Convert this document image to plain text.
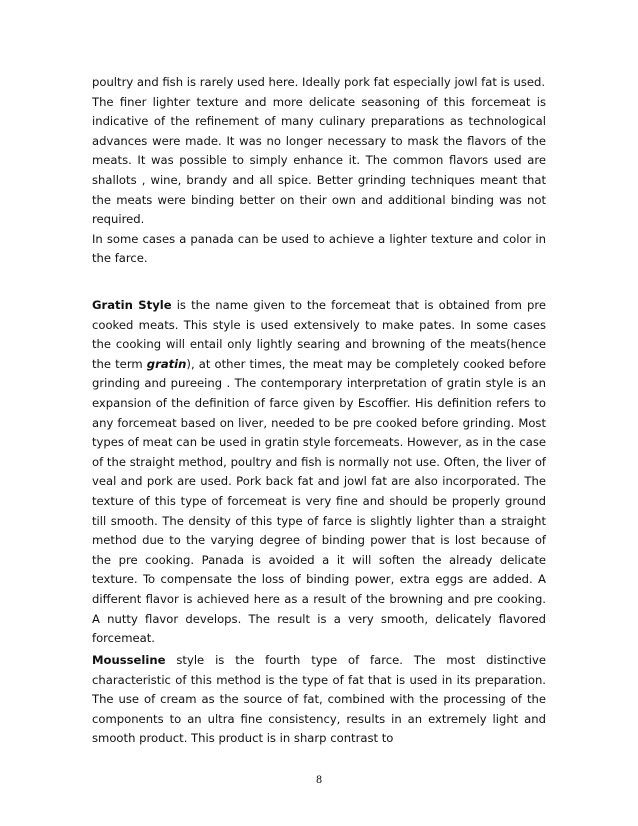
poultry and fish is rarely used here. Ideally pork fat especially jowl fat is used.

The finer lighter texture and more delicate seasoning of this forcemeat is indicative of the refinement of many culinary preparations as technological advances were made. It was no longer necessary to mask the flavors of the meats. It was possible to simply enhance it. The common flavors used are shallots , wine, brandy and all spice. Better grinding techniques meant that the meats were binding better on their own and additional binding was not required.

In some cases a panada can be used to achieve a lighter texture and color in the farce.

Gratin Style is the name given to the forcemeat that is obtained from pre cooked meats. This style is used extensively to make pates. In some cases the cooking will entail only lightly searing and browning of the meats(hence the term gratin), at other times, the meat may be completely cooked before grinding and pureeing . The contemporary interpretation of gratin style is an expansion of the definition of farce given by Escoffier. His definition refers to any forcemeat based on liver, needed to be pre cooked before grinding. Most types of meat can be used in gratin style forcemeats. However, as in the case of the straight method, poultry and fish is normally not use. Often, the liver of veal and pork are used. Pork back fat and jowl fat are also incorporated. The texture of this type of forcemeat is very fine and should be properly ground till smooth. The density of this type of farce is slightly lighter than a straight method due to the varying degree of binding power that is lost because of the pre cooking. Panada is avoided a it will soften the already delicate texture. To compensate the loss of binding power, extra eggs are added. A different flavor is achieved here as a result of the browning and pre cooking. A nutty flavor develops. The result is a very smooth, delicately flavored forcemeat.

Mousseline style is the fourth type of farce. The most distinctive characteristic of this method is the type of fat that is used in its preparation. The use of cream as the source of fat, combined with the processing of the components to an ultra fine consistency, results in an extremely light and smooth product. This product is in sharp contrast to

8
